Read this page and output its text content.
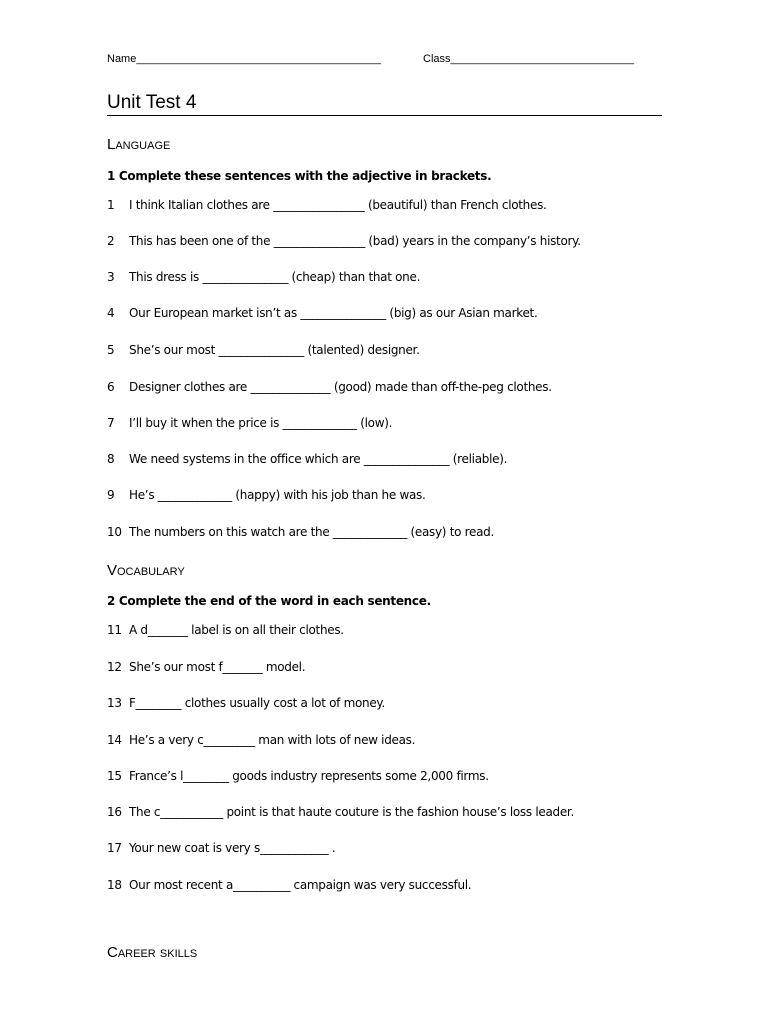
Name________________________________________	Class______________________________
Unit Test 4
Language
1 Complete these sentences with the adjective in brackets.
1 I think Italian clothes are ________________ (beautiful) than French clothes.
2 This has been one of the ________________ (bad) years in the company’s history.
3 This dress is _______________ (cheap) than that one.
4 Our European market isn’t as _______________ (big) as our Asian market.
5 She’s our most _______________ (talented) designer.
6 Designer clothes are ______________ (good) made than off-the-peg clothes.
7 I’ll buy it when the price is _____________ (low).
8 We need systems in the office which are _______________ (reliable).
9 He’s _____________ (happy) with his job than he was.
10 The numbers on this watch are the _____________ (easy) to read.
Vocabulary
2 Complete the end of the word in each sentence.
11 A d_______ label is on all their clothes.
12 She’s our most f_______ model.
13 F________ clothes usually cost a lot of money.
14 He’s a very c_________ man with lots of new ideas.
15 France’s l________ goods industry represents some 2,000 firms.
16 The c___________ point is that haute couture is the fashion house’s loss leader.
17 Your new coat is very s____________ .
18 Our most recent a__________ campaign was very successful.
Career skills
